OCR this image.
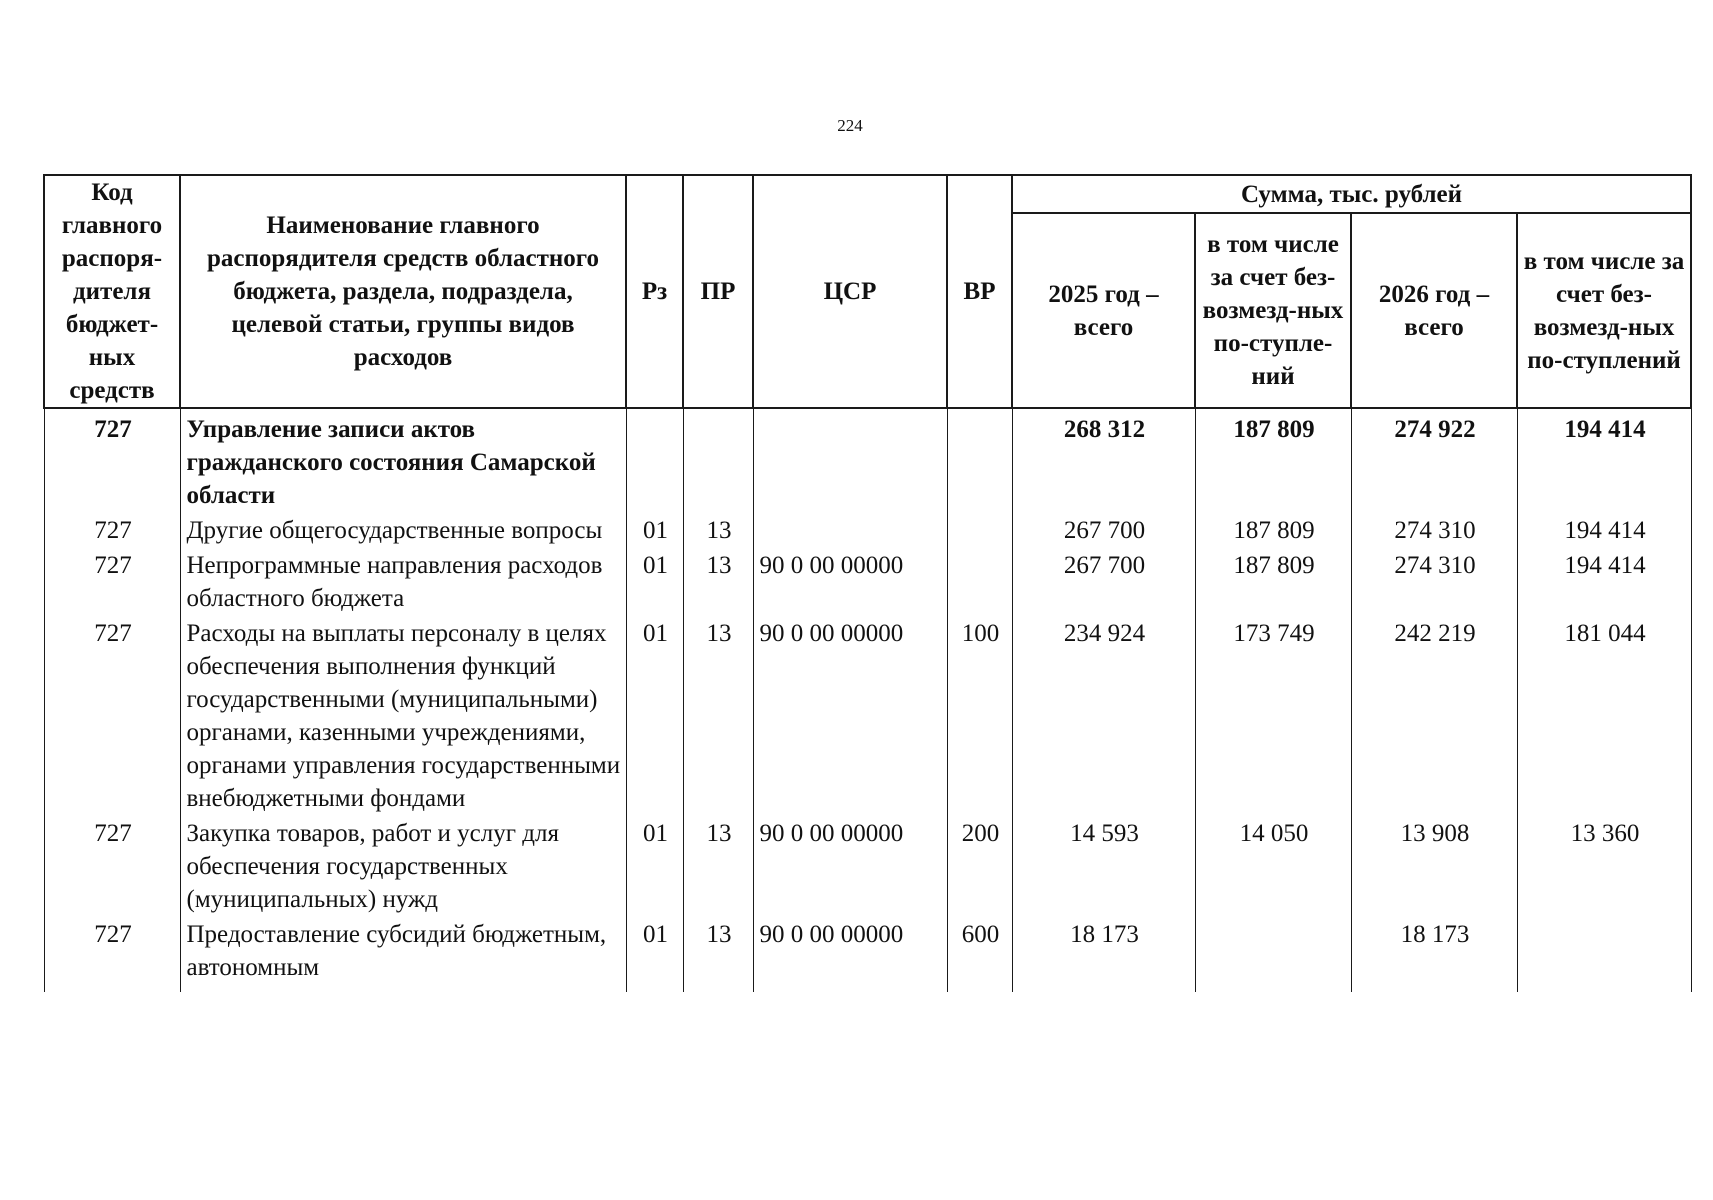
224
Код главного распоря-дителя бюджет-ных средств	Наименование главного распорядителя средств областного бюджета, раздела, подраздела, целевой статьи, группы видов расходов	Рз	ПР	ЦСР	ВР	Сумма, тыс. рублей			
						2025 год – всего	в том числе за счет без-возмезд-ных по-ступле-ний	2026 год – всего	в том числе за счет без-возмезд-ных по-ступлений
727	Управление записи актов гражданского состояния Самарской области					268 312	187 809	274 922	194 414
727	Другие общегосударственные вопросы	01	13			267 700	187 809	274 310	194 414
727	Непрограммные направления расходов областного бюджета	01	13	90 0 00 00000		267 700	187 809	274 310	194 414
727	Расходы на выплаты персоналу в целях обеспечения выполнения функций государственными (муниципальными) органами, казенными учреждениями, органами управления государственными внебюджетными фондами	01	13	90 0 00 00000	100	234 924	173 749	242 219	181 044
727	Закупка товаров, работ и услуг для обеспечения государственных (муниципальных) нужд	01	13	90 0 00 00000	200	14 593	14 050	13 908	13 360
727	Предоставление субсидий бюджетным, автономным	01	13	90 0 00 00000	600	18 173		18 173	
